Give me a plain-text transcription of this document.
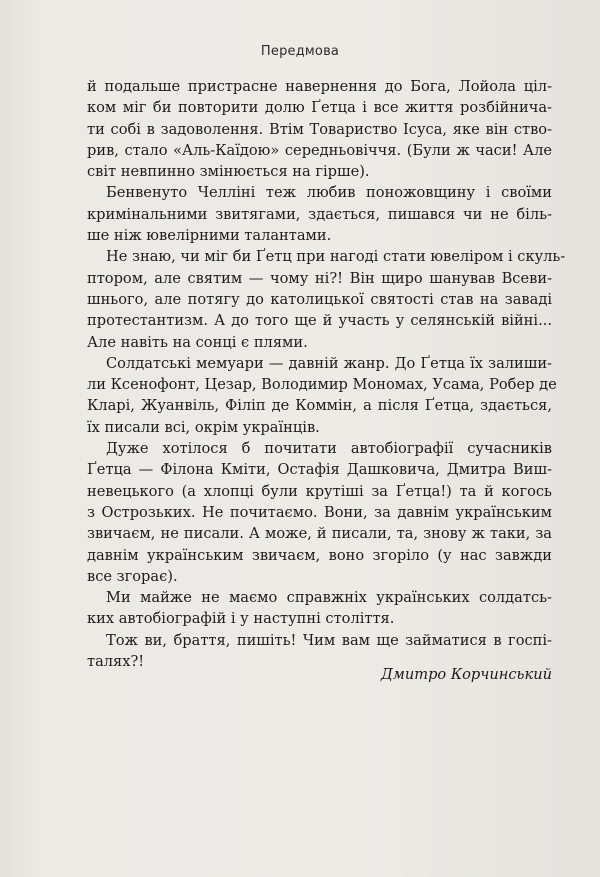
Передмова
й подальше пристрасне навернення до Бога, Лойола ціл-
ком міг би повторити долю Ґетца і все життя розбійнича-
ти собі в задоволення. Втім Товариство Ісуса, яке він ство-
рив, стало «Аль-Каїдою» середньовіччя. (Були ж часи! Але
світ невпинно змінюється на гірше).
Бенвенуто Челліні теж любив поножовщину і своїми
кримінальними звитягами, здається, пишався чи не біль-
ше ніж ювелірними талантами.
Не знаю, чи міг би Ґетц при нагоді стати ювеліром і скуль-
птором, але святим — чому ні?! Він щиро шанував Всеви-
шнього, але потягу до католицької святості став на заваді
протестантизм. А до того ще й участь у селянській війні...
Але навіть на сонці є плями.
Солдатські мемуари — давній жанр. До Ґетца їх залиши-
ли Ксенофонт, Цезар, Володимир Мономах, Усама, Робер де
Кларі, Жуанвіль, Філіп де Коммін, а після Ґетца, здається,
їх писали всі, окрім українців.
Дуже хотілося б почитати автобіографії сучасників
Ґетца — Філона Кміти, Остафія Дашковича, Дмитра Виш-
невецького (а хлопці були крутіші за Ґетца!) та й когось
з Острозьких. Не почитаємо. Вони, за давнім українським
звичаєм, не писали. А може, й писали, та, знову ж таки, за
давнім українським звичаєм, воно згоріло (у нас завжди
все згорає).
Ми майже не маємо справжніх українських солдатсь-
ких автобіографій і у наступні століття.
Тож ви, браття, пишіть! Чим вам ще займатися в госпі-
талях?!
Дмитро Корчинський
